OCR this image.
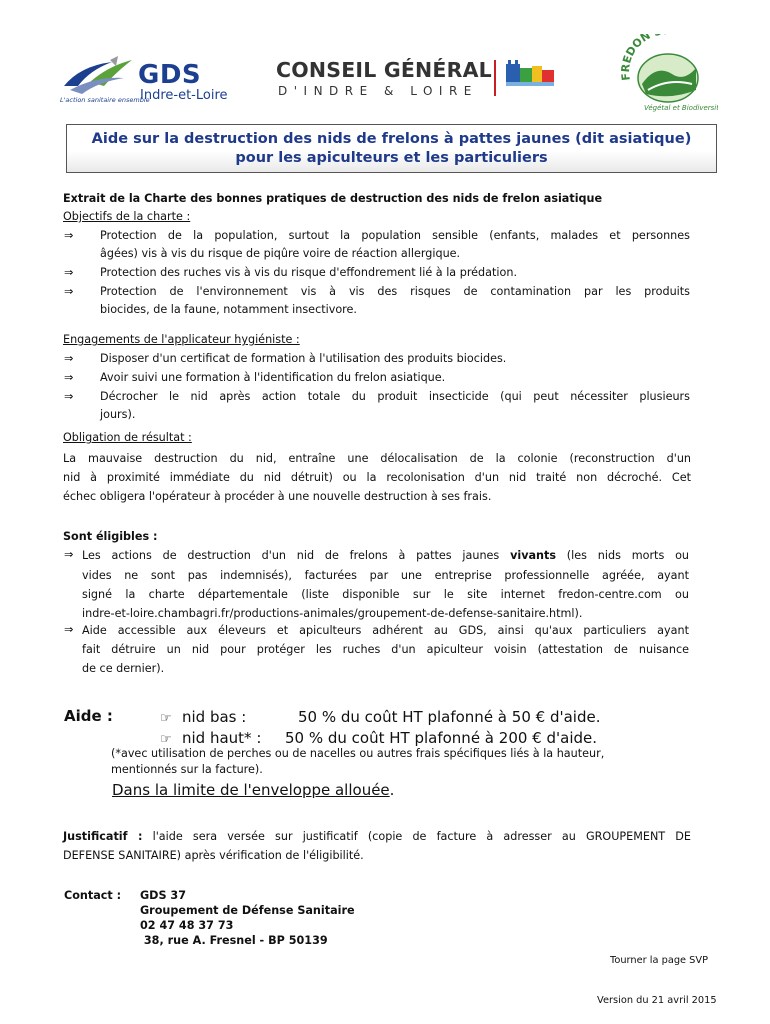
GDS
Indre-et-Loire
L'action sanitaire ensemble
CONSEIL GÉNÉRAL
D'INDRE & LOIRE
FREDON
Végétal et Biodiversité
Aide sur la destruction des nids de frelons à pattes jaunes (dit asiatique)
pour les apiculteurs et les particuliers
Extrait de la Charte des bonnes pratiques de destruction des nids de frelon asiatique
Objectifs de la charte :
⇒ Protection de la population, surtout la population sensible (enfants, malades et personnes
âgées) vis à vis du risque de piqûre voire de réaction allergique.
⇒ Protection des ruches vis à vis du risque d'effondrement lié à la prédation.
⇒ Protection de l'environnement vis à vis des risques de contamination par les produits
biocides, de la faune, notamment insectivore.
Engagements de l'applicateur hygiéniste :
⇒ Disposer d'un certificat de formation à l'utilisation des produits biocides.
⇒ Avoir suivi une formation à l'identification du frelon asiatique.
⇒ Décrocher le nid après action totale du produit insecticide (qui peut nécessiter plusieurs
jours).
Obligation de résultat :
La mauvaise destruction du nid, entraîne une délocalisation de la colonie (reconstruction d'un
nid à proximité immédiate du nid détruit) ou la recolonisation d'un nid traité non décroché. Cet
échec obligera l'opérateur à procéder à une nouvelle destruction à ses frais.
Sont éligibles :
⇒ Les actions de destruction d'un nid de frelons à pattes jaunes vivants (les nids morts ou
vides ne sont pas indemnisés), facturées par une entreprise professionnelle agréée, ayant
signé la charte départementale (liste disponible sur le site internet fredon-centre.com ou
indre-et-loire.chambagri.fr/productions-animales/groupement-de-defense-sanitaire.html).
⇒ Aide accessible aux éleveurs et apiculteurs adhérent au GDS, ainsi qu'aux particuliers ayant
fait détruire un nid pour protéger les ruches d'un apiculteur voisin (attestation de nuisance
de ce dernier).
Aide :	☞ nid bas :	50 % du coût HT plafonné à 50 € d'aide.
☞ nid haut* : 50 % du coût HT plafonné à 200 € d'aide.
(*avec utilisation de perches ou de nacelles ou autres frais spécifiques liés à la hauteur,
mentionnés sur la facture).
Dans la limite de l'enveloppe allouée.
Justificatif : l'aide sera versée sur justificatif (copie de facture à adresser au GROUPEMENT DE
DEFENSE SANITAIRE) après vérification de l'éligibilité.
Contact : GDS 37
Groupement de Défense Sanitaire
02 47 48 37 73
38, rue A. Fresnel - BP 50139
Tourner la page SVP
Version du 21 avril 2015
